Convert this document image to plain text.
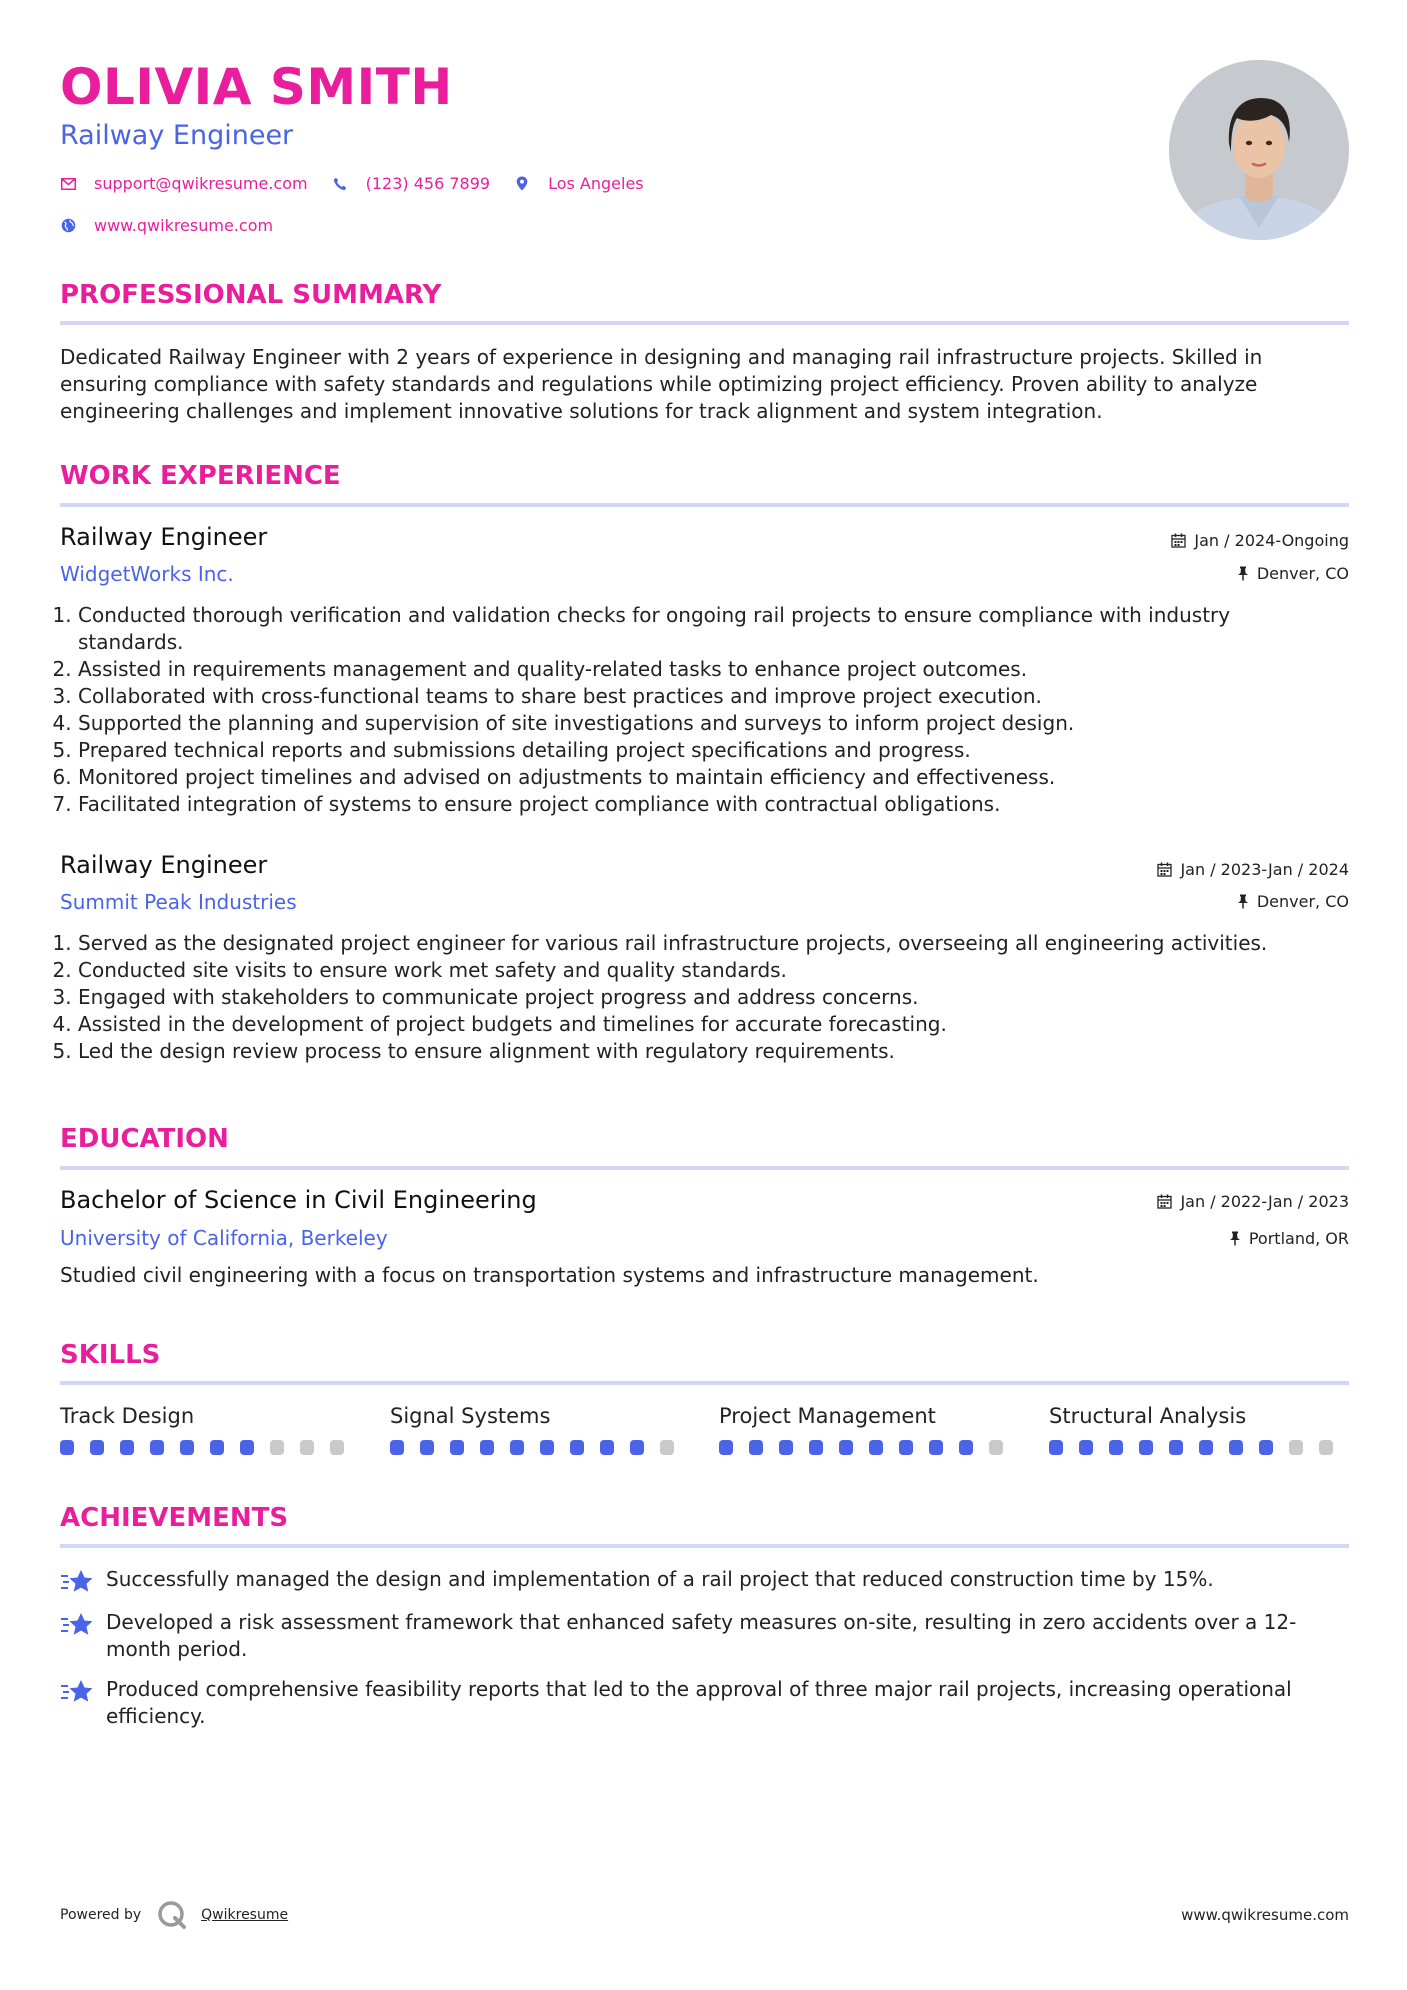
OLIVIA SMITH
Railway Engineer
support@qwikresume.com	(123) 456 7899	Los Angeles
www.qwikresume.com
PROFESSIONAL SUMMARY
Dedicated Railway Engineer with 2 years of experience in designing and managing rail infrastructure projects. Skilled in ensuring compliance with safety standards and regulations while optimizing project efficiency. Proven ability to analyze engineering challenges and implement innovative solutions for track alignment and system integration.
WORK EXPERIENCE
Railway Engineer
WidgetWorks Inc.
Jan / 2024-Ongoing
Denver, CO
1. Conducted thorough verification and validation checks for ongoing rail projects to ensure compliance with industry standards.
2. Assisted in requirements management and quality-related tasks to enhance project outcomes.
3. Collaborated with cross-functional teams to share best practices and improve project execution.
4. Supported the planning and supervision of site investigations and surveys to inform project design.
5. Prepared technical reports and submissions detailing project specifications and progress.
6. Monitored project timelines and advised on adjustments to maintain efficiency and effectiveness.
7. Facilitated integration of systems to ensure project compliance with contractual obligations.
Railway Engineer
Summit Peak Industries
Jan / 2023-Jan / 2024
Denver, CO
1. Served as the designated project engineer for various rail infrastructure projects, overseeing all engineering activities.
2. Conducted site visits to ensure work met safety and quality standards.
3. Engaged with stakeholders to communicate project progress and address concerns.
4. Assisted in the development of project budgets and timelines for accurate forecasting.
5. Led the design review process to ensure alignment with regulatory requirements.
EDUCATION
Bachelor of Science in Civil Engineering
University of California, Berkeley
Jan / 2022-Jan / 2023
Portland, OR
Studied civil engineering with a focus on transportation systems and infrastructure management.
SKILLS
Track Design	Signal Systems	Project Management	Structural Analysis
ACHIEVEMENTS
Successfully managed the design and implementation of a rail project that reduced construction time by 15%.
Developed a risk assessment framework that enhanced safety measures on-site, resulting in zero accidents over a 12-month period.
Produced comprehensive feasibility reports that led to the approval of three major rail projects, increasing operational efficiency.
Powered by	Qwikresume	www.qwikresume.com
